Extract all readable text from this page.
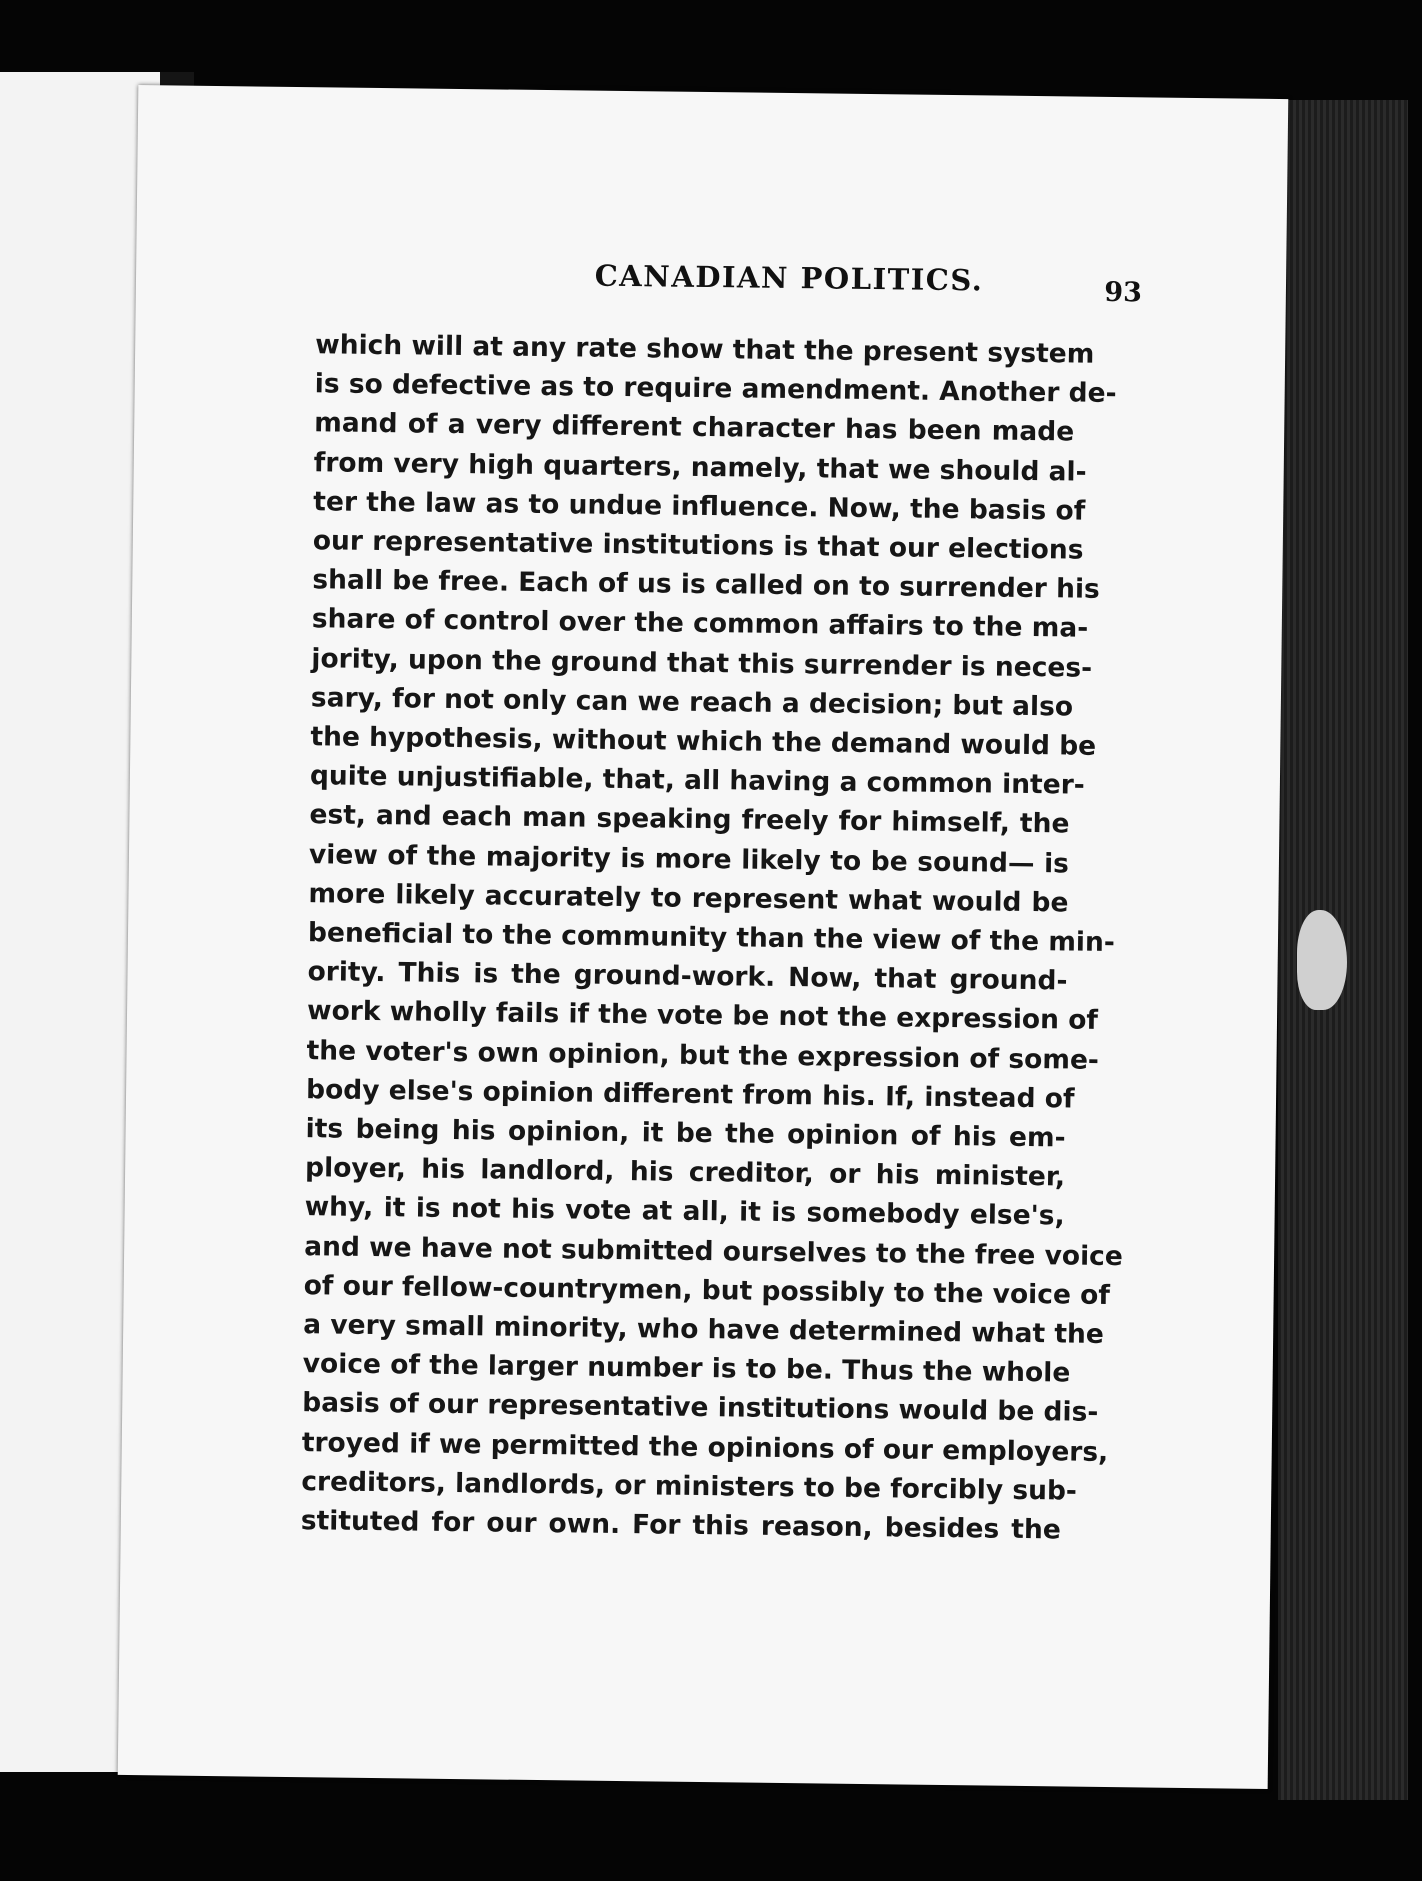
CANADIAN POLITICS.	93
which will at any rate show that the present system
is so defective as to require amendment. Another de-
mand of a very different character has been made
from very high quarters, namely, that we should al-
ter the law as to undue influence. Now, the basis of
our representative institutions is that our elections
shall be free. Each of us is called on to surrender his
share of control over the common affairs to the ma-
jority, upon the ground that this surrender is neces-
sary, for not only can we reach a decision; but also
the hypothesis, without which the demand would be
quite unjustifiable, that, all having a common inter-
est, and each man speaking freely for himself, the
view of the majority is more likely to be sound— is
more likely accurately to represent what would be
beneficial to the community than the view of the min-
ority. This is the ground-work. Now, that ground-
work wholly fails if the vote be not the expression of
the voter's own opinion, but the expression of some-
body else's opinion different from his. If, instead of
its being his opinion, it be the opinion of his em-
ployer, his landlord, his creditor, or his minister,
why, it is not his vote at all, it is somebody else's,
and we have not submitted ourselves to the free voice
of our fellow-countrymen, but possibly to the voice of
a very small minority, who have determined what the
voice of the larger number is to be. Thus the whole
basis of our representative institutions would be dis-
troyed if we permitted the opinions of our employers,
creditors, landlords, or ministers to be forcibly sub-
stituted for our own. For this reason, besides the
